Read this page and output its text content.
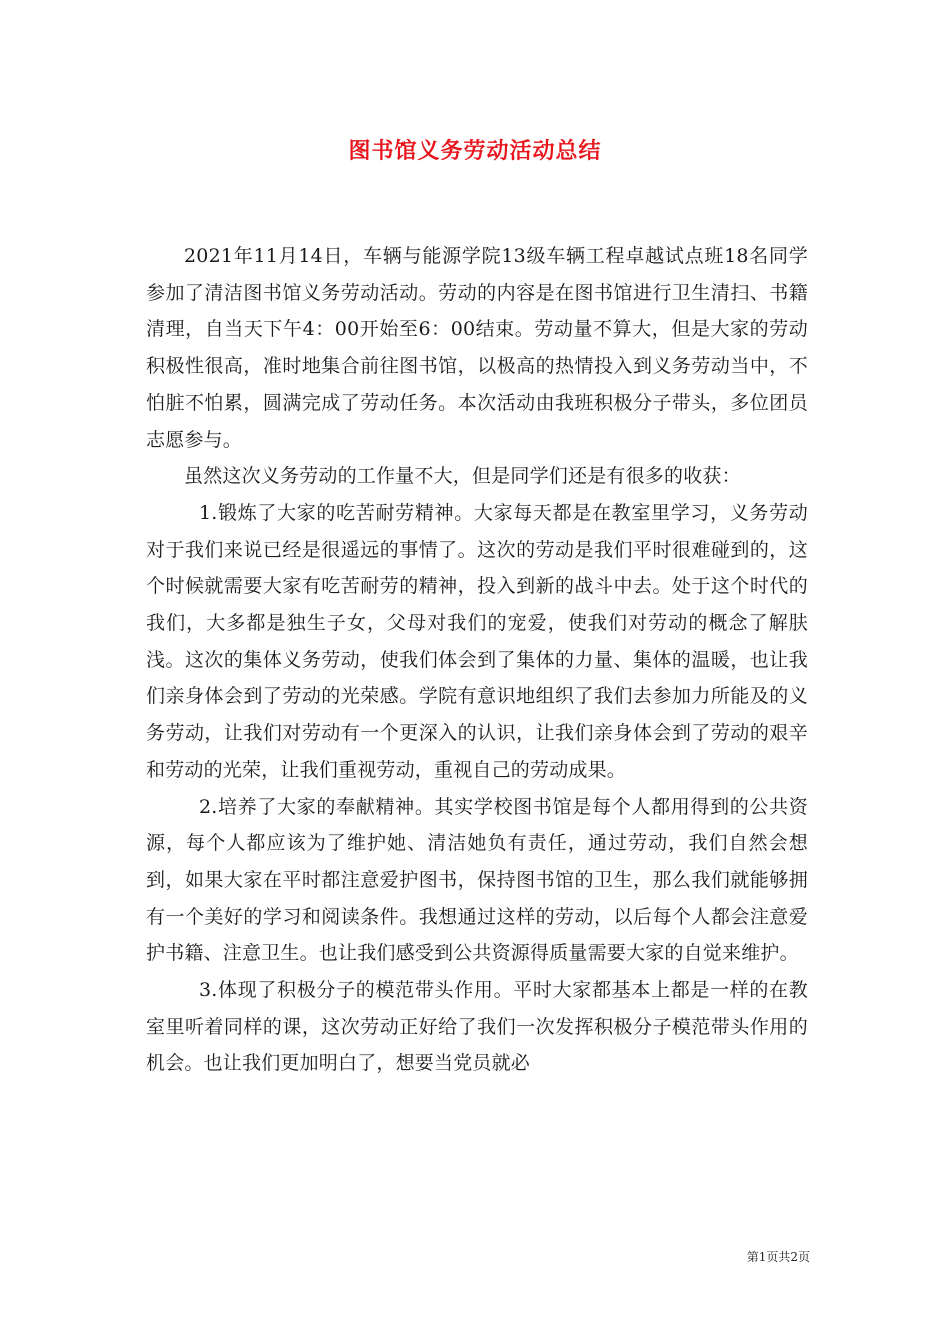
图书馆义务劳动活动总结

2021年11月14日，车辆与能源学院13级车辆工程卓越试点班18名同学参加了清洁图书馆义务劳动活动。劳动的内容是在图书馆进行卫生清扫、书籍清理，自当天下午4：00开始至6：00结束。劳动量不算大，但是大家的劳动积极性很高，准时地集合前往图书馆，以极高的热情投入到义务劳动当中，不怕脏不怕累，圆满完成了劳动任务。本次活动由我班积极分子带头，多位团员志愿参与。

虽然这次义务劳动的工作量不大，但是同学们还是有很多的收获：

1.锻炼了大家的吃苦耐劳精神。大家每天都是在教室里学习，义务劳动对于我们来说已经是很遥远的事情了。这次的劳动是我们平时很难碰到的，这个时候就需要大家有吃苦耐劳的精神，投入到新的战斗中去。处于这个时代的我们，大多都是独生子女，父母对我们的宠爱，使我们对劳动的概念了解肤浅。这次的集体义务劳动，使我们体会到了集体的力量、集体的温暖，也让我们亲身体会到了劳动的光荣感。学院有意识地组织了我们去参加力所能及的义务劳动，让我们对劳动有一个更深入的认识，让我们亲身体会到了劳动的艰辛和劳动的光荣，让我们重视劳动，重视自己的劳动成果。

2.培养了大家的奉献精神。其实学校图书馆是每个人都用得到的公共资源，每个人都应该为了维护她、清洁她负有责任，通过劳动，我们自然会想到，如果大家在平时都注意爱护图书，保持图书馆的卫生，那么我们就能够拥有一个美好的学习和阅读条件。我想通过这样的劳动，以后每个人都会注意爱护书籍、注意卫生。也让我们感受到公共资源得质量需要大家的自觉来维护。

3.体现了积极分子的模范带头作用。平时大家都基本上都是一样的在教室里听着同样的课，这次劳动正好给了我们一次发挥积极分子模范带头作用的机会。也让我们更加明白了，想要当党员就必

第1页共2页
